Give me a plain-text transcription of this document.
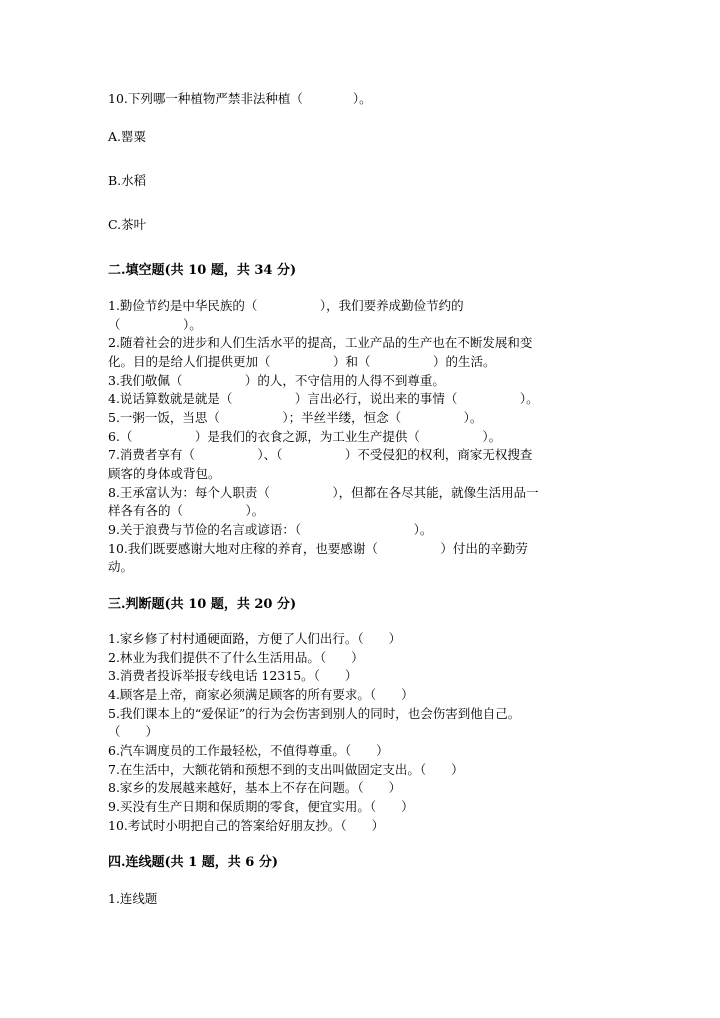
10.下列哪一种植物严禁非法种植（　　　　）。
A.罂粟
B.水稻
C.茶叶
二.填空题(共 10 题，共 34 分)
1.勤俭节约是中华民族的（　　　　　），我们要养成勤俭节约的
（　　　　　）。
2.随着社会的进步和人们生活水平的提高，工业产品的生产也在不断发展和变
化。目的是给人们提供更加（　　　　　）和（　　　　　）的生活。
3.我们敬佩（　　　　　）的人，不守信用的人得不到尊重。
4.说话算数就是就是（　　　　　）言出必行，说出来的事情（　　　　　）。
5.一粥一饭，当思（　　　　　）；半丝半缕，恒念（　　　　　）。
6.（　　　　　）是我们的衣食之源，为工业生产提供（　　　　　）。
7.消费者享有（　　　　　）、（　　　　　）不受侵犯的权利，商家无权搜查
顾客的身体或背包。
8.王承富认为：每个人职责（　　　　　），但都在各尽其能，就像生活用品一
样各有各的（　　　　　）。
9.关于浪费与节俭的名言或谚语：（　　　　　　　　　）。
10.我们既要感谢大地对庄稼的养育，也要感谢（　　　　　）付出的辛勤劳
动。
三.判断题(共 10 题，共 20 分)
1.家乡修了村村通硬面路，方便了人们出行。（　　）
2.林业为我们提供不了什么生活用品。（　　）
3.消费者投诉举报专线电话 12315。（　　）
4.顾客是上帝，商家必须满足顾客的所有要求。（　　）
5.我们课本上的“爱保证”的行为会伤害到别人的同时，也会伤害到他自己。
（　　）
6.汽车调度员的工作最轻松，不值得尊重。（　　）
7.在生活中，大额花销和预想不到的支出叫做固定支出。（　　）
8.家乡的发展越来越好，基本上不存在问题。（　　）
9.买没有生产日期和保质期的零食，便宜实用。（　　）
10.考试时小明把自己的答案给好朋友抄。（　　）
四.连线题(共 1 题，共 6 分)
1.连线题
